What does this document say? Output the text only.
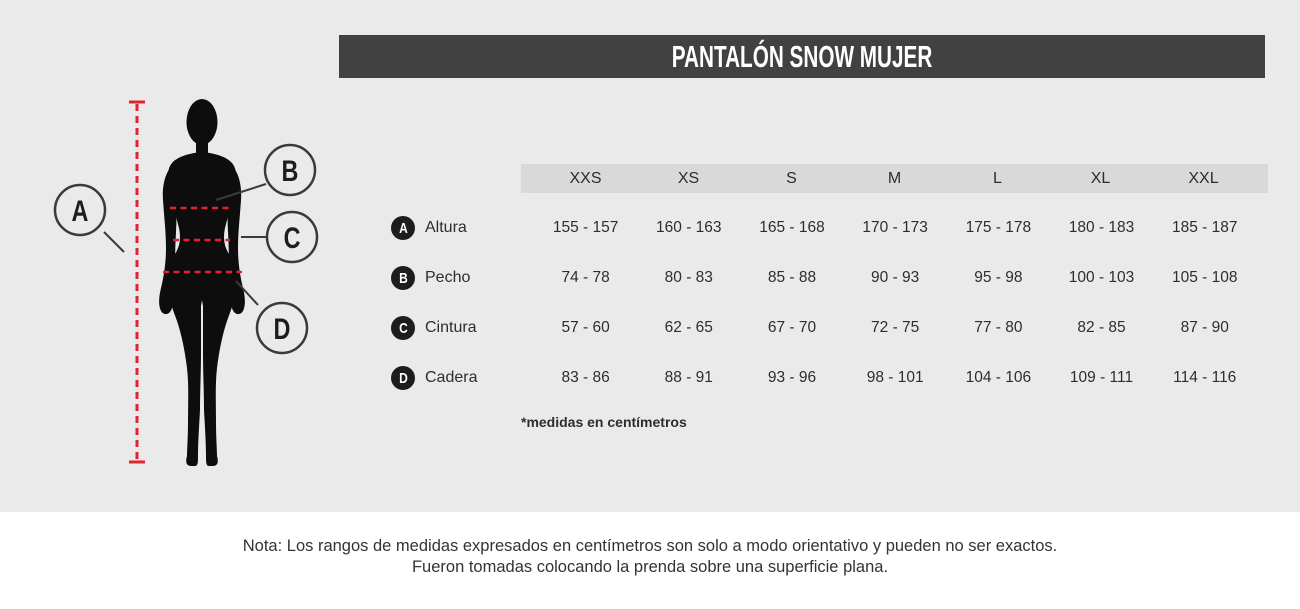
PANTALÓN SNOW MUJER
A
B
C
D
XXS	XS	S	M	L	XL	XXL
A Altura	155 - 157	160 - 163	165 - 168	170 - 173	175 - 178	180 - 183	185 - 187
B Pecho	74 - 78	80 - 83	85 - 88	90 - 93	95 - 98	100 - 103	105 - 108
C Cintura	57 - 60	62 - 65	67 - 70	72 - 75	77 - 80	82 - 85	87 - 90
D Cadera	83 - 86	88 - 91	93 - 96	98 - 101	104 - 106	109 - 111	114 - 116
*medidas en centímetros
Nota: Los rangos de medidas expresados en centímetros son solo a modo orientativo y pueden no ser exactos.
Fueron tomadas colocando la prenda sobre una superficie plana.
